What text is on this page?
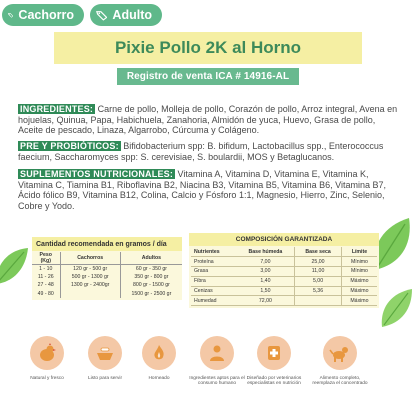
Cachorro	Adulto
Pixie Pollo 2K al Horno
Registro de venta ICA # 14916-AL
INGREDIENTES: Carne de pollo, Molleja de pollo, Corazón de pollo, Arroz integral, Avena en hojuelas, Quinua, Papa, Habichuela, Zanahoria, Almidón de yuca, Huevo, Grasa de pollo, Aceite de pescado, Linaza, Algarrobo, Cúrcuma y Colágeno.
PRE Y PROBIÓTICOS: Bifidobacterium spp: B. bifidum, Lactobacillus spp., Enterococcus faecium, Saccharomyces spp: S. cerevisiae, S. boulardii, MOS y Betaglucanos.
SUPLEMENTOS NUTRICIONALES: Vitamina A, Vitamina D, Vitamina E, Vitamina K, Vitamina C, Tiamina B1, Riboflavina B2, Niacina B3, Vitamina B5, Vitamina B6, Vitamina B7, Ácido fólico B9, Vitamina B12, Colina, Calcio y Fósforo 1:1, Magnesio, Hierro, Zinc, Selenio, Cobre y Yodo.
Cantidad recomendada en gramos / día
Peso (Kg)	Cachorros	Adultos
1 - 10	120 gr - 500 gr	60 gr - 350 gr
11 - 26	500 gr - 1300 gr	350 gr - 800 gr
27 - 48	1300 gr - 2400gr	800 gr - 1500 gr
49 - 80		1500 gr - 2500 gr
COMPOSICIÓN GARANTIZADA
Nutrientes	Base húmeda	Base seca	Límite
Proteína	7,00	25,00	Mínimo
Grasa	3,00	11,00	Mínimo
Fibra	1,40	5,00	Máximo
Cenizas	1,50	5,36	Máximo
Humedad	72,00		Máximo
Natural y fresco	Listo para servir	Horneado	Ingredientes aptos para el consumo humano
Diseñado por veterinarios especialistas en nutrición
Alimento completo, reemplaza el concentrado
